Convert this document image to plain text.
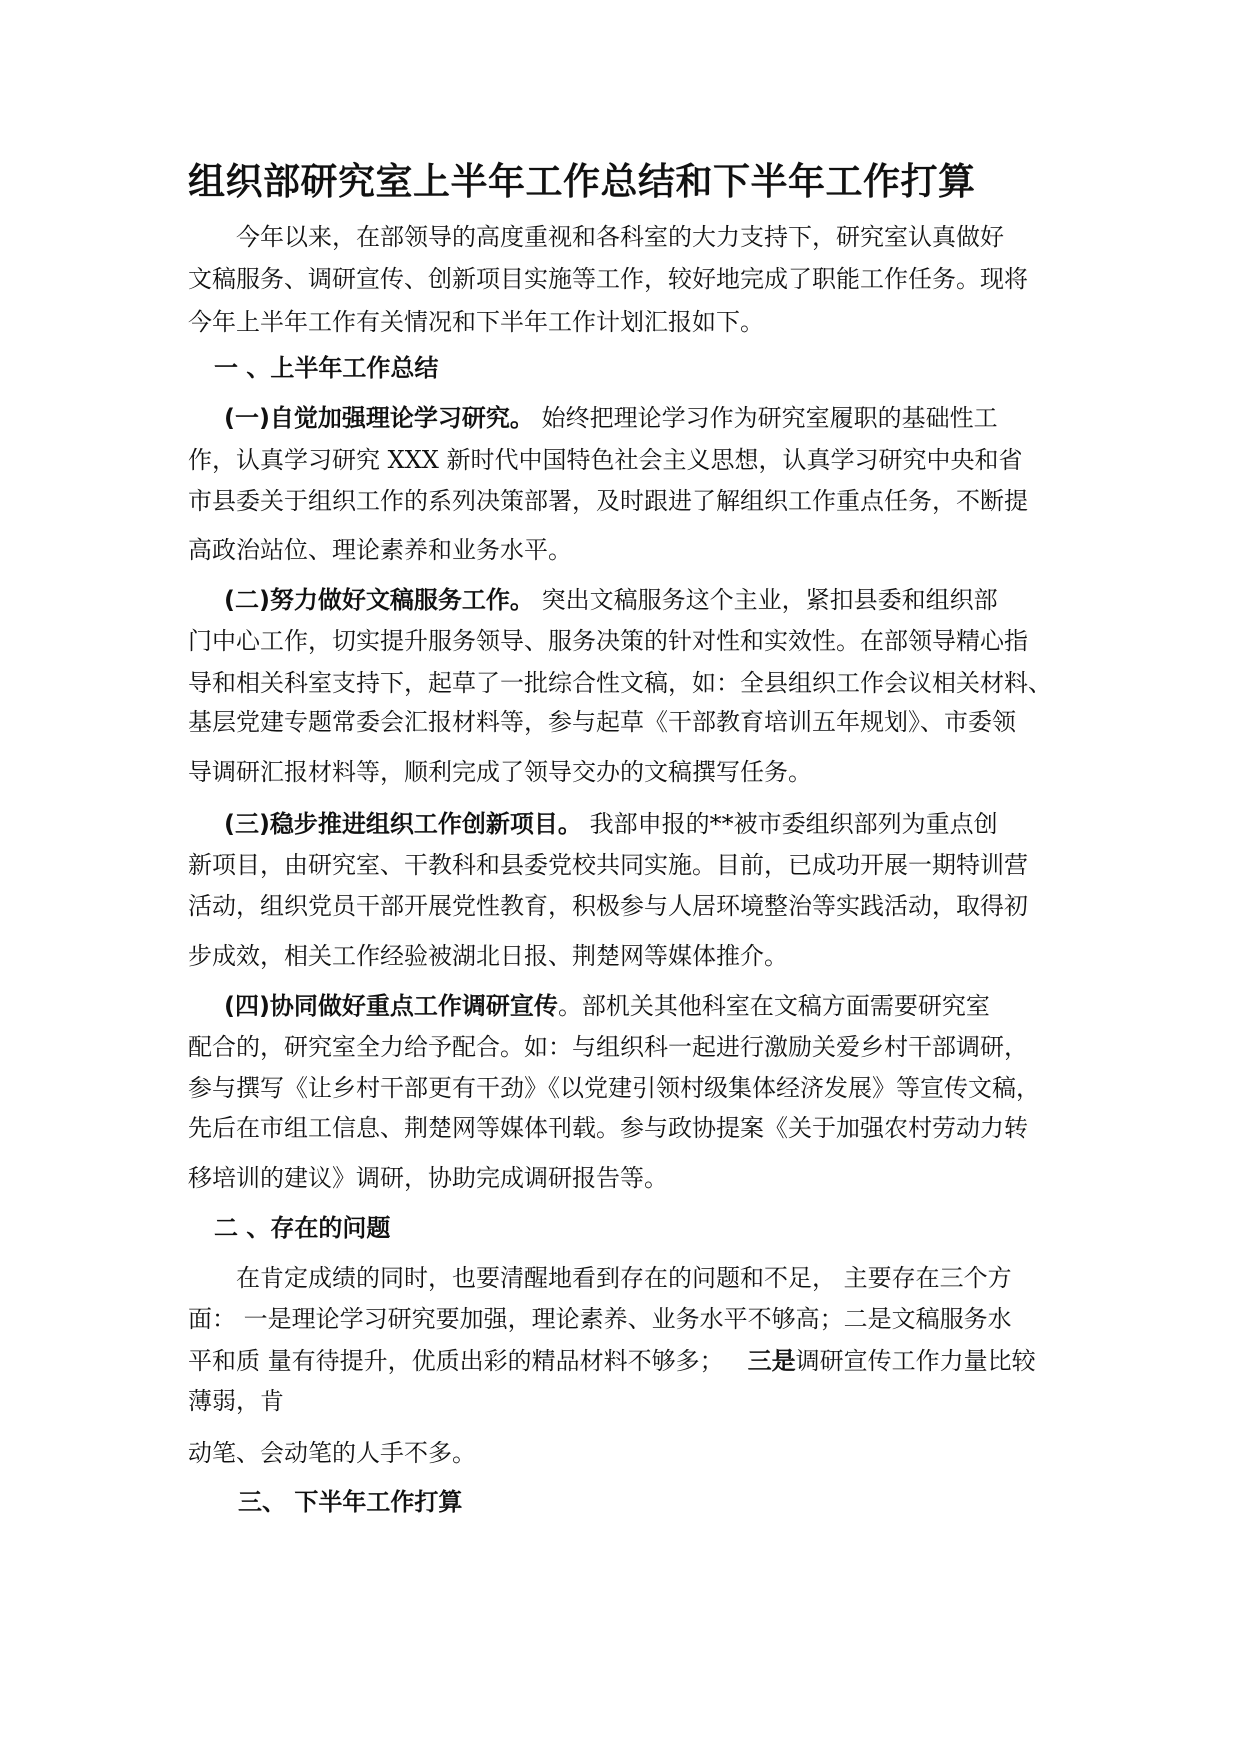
组织部研究室上半年工作总结和下半年工作打算
今年以来，在部领导的高度重视和各科室的大力支持下，研究室认真做好
文稿服务、调研宣传、创新项目实施等工作，较好地完成了职能工作任务。现将
今年上半年工作有关情况和下半年工作计划汇报如下。
一 、上半年工作总结
(一)自觉加强理论学习研究。 始终把理论学习作为研究室履职的基础性工
作，认真学习研究 XXX 新时代中国特色社会主义思想，认真学习研究中央和省
市县委关于组织工作的系列决策部署，及时跟进了解组织工作重点任务，不断提
高政治站位、理论素养和业务水平。
(二)努力做好文稿服务工作。 突出文稿服务这个主业，紧扣县委和组织部
门中心工作，切实提升服务领导、服务决策的针对性和实效性。在部领导精心指
导和相关科室支持下，起草了一批综合性文稿，如：全县组织工作会议相关材料、
基层党建专题常委会汇报材料等，参与起草《干部教育培训五年规划》、市委领
导调研汇报材料等，顺利完成了领导交办的文稿撰写任务。
(三)稳步推进组织工作创新项目。 我部申报的**被市委组织部列为重点创
新项目，由研究室、干教科和县委党校共同实施。目前，已成功开展一期特训营
活动，组织党员干部开展党性教育，积极参与人居环境整治等实践活动，取得初
步成效，相关工作经验被湖北日报、荆楚网等媒体推介。
(四)协同做好重点工作调研宣传。部机关其他科室在文稿方面需要研究室
配合的，研究室全力给予配合。如：与组织科一起进行激励关爱乡村干部调研，
参与撰写《让乡村干部更有干劲》《以党建引领村级集体经济发展》等宣传文稿，
先后在市组工信息、荆楚网等媒体刊载。参与政协提案《关于加强农村劳动力转
移培训的建议》调研，协助完成调研报告等。
二 、存在的问题
在肯定成绩的同时，也要清醒地看到存在的问题和不足， 主要存在三个方
面： 一是理论学习研究要加强，理论素养、业务水平不够高；二是文稿服务水
平和质 量有待提升，优质出彩的精品材料不够多； 三是调研宣传工作力量比较
薄弱，肯
动笔、会动笔的人手不多。
三、 下半年工作打算
